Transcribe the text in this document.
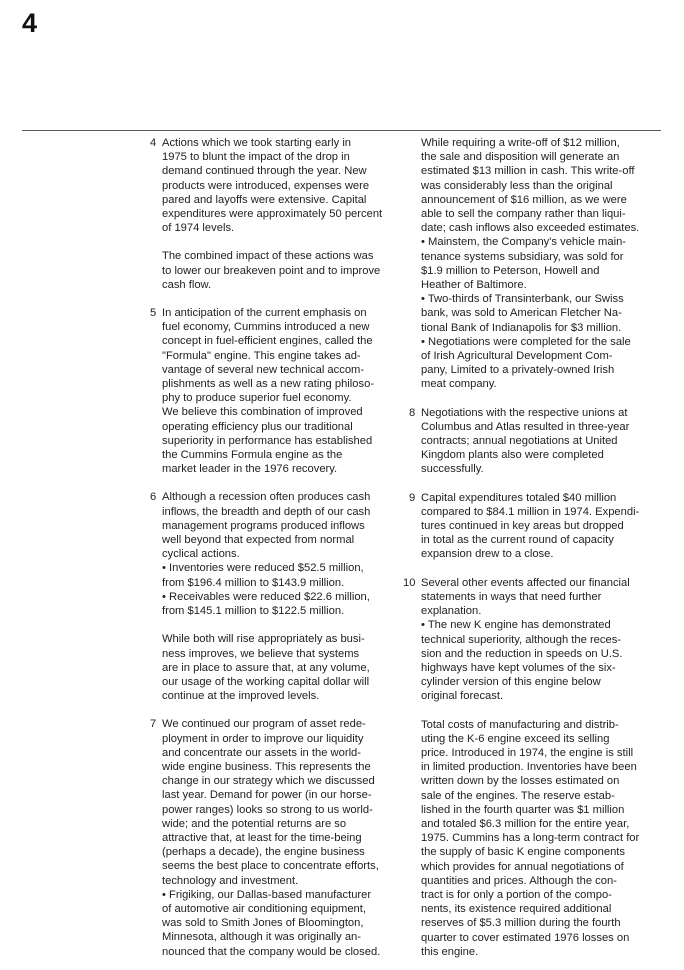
4
4 Actions which we took starting early in
1975 to blunt the impact of the drop in
demand continued through the year. New
products were introduced, expenses were
pared and layoffs were extensive. Capital
expenditures were approximately 50 percent
of 1974 levels.

The combined impact of these actions was
to lower our breakeven point and to improve
cash flow.

5 In anticipation of the current emphasis on
fuel economy, Cummins introduced a new
concept in fuel-efficient engines, called the
"Formula" engine. This engine takes ad-
vantage of several new technical accom-
plishments as well as a new rating philoso-
phy to produce superior fuel economy.
We believe this combination of improved
operating efficiency plus our traditional
superiority in performance has established
the Cummins Formula engine as the
market leader in the 1976 recovery.

6 Although a recession often produces cash
inflows, the breadth and depth of our cash
management programs produced inflows
well beyond that expected from normal
cyclical actions.
• Inventories were reduced $52.5 million,
from $196.4 million to $143.9 million.
• Receivables were reduced $22.6 million,
from $145.1 million to $122.5 million.

While both will rise appropriately as busi-
ness improves, we believe that systems
are in place to assure that, at any volume,
our usage of the working capital dollar will
continue at the improved levels.

7 We continued our program of asset rede-
ployment in order to improve our liquidity
and concentrate our assets in the world-
wide engine business. This represents the
change in our strategy which we discussed
last year. Demand for power (in our horse-
power ranges) looks so strong to us world-
wide; and the potential returns are so
attractive that, at least for the time-being
(perhaps a decade), the engine business
seems the best place to concentrate efforts,
technology and investment.
• Frigiking, our Dallas-based manufacturer
of automotive air conditioning equipment,
was sold to Smith Jones of Bloomington,
Minnesota, although it was originally an-
nounced that the company would be closed.

While requiring a write-off of $12 million,
the sale and disposition will generate an
estimated $13 million in cash. This write-off
was considerably less than the original
announcement of $16 million, as we were
able to sell the company rather than liqui-
date; cash inflows also exceeded estimates.
• Mainstem, the Company's vehicle main-
tenance systems subsidiary, was sold for
$1.9 million to Peterson, Howell and
Heather of Baltimore.
• Two-thirds of Transinterbank, our Swiss
bank, was sold to American Fletcher Na-
tional Bank of Indianapolis for $3 million.
• Negotiations were completed for the sale
of Irish Agricultural Development Com-
pany, Limited to a privately-owned Irish
meat company.

8 Negotiations with the respective unions at
Columbus and Atlas resulted in three-year
contracts; annual negotiations at United
Kingdom plants also were completed
successfully.

9 Capital expenditures totaled $40 million
compared to $84.1 million in 1974. Expendi-
tures continued in key areas but dropped
in total as the current round of capacity
expansion drew to a close.

10 Several other events affected our financial
statements in ways that need further
explanation.
• The new K engine has demonstrated
technical superiority, although the reces-
sion and the reduction in speeds on U.S.
highways have kept volumes of the six-
cylinder version of this engine below
original forecast.

Total costs of manufacturing and distrib-
uting the K-6 engine exceed its selling
price. Introduced in 1974, the engine is still
in limited production. Inventories have been
written down by the losses estimated on
sale of the engines. The reserve estab-
lished in the fourth quarter was $1 million
and totaled $6.3 million for the entire year,
1975. Cummins has a long-term contract for
the supply of basic K engine components
which provides for annual negotiations of
quantities and prices. Although the con-
tract is for only a portion of the compo-
nents, its existence required additional
reserves of $5.3 million during the fourth
quarter to cover estimated 1976 losses on
this engine.
